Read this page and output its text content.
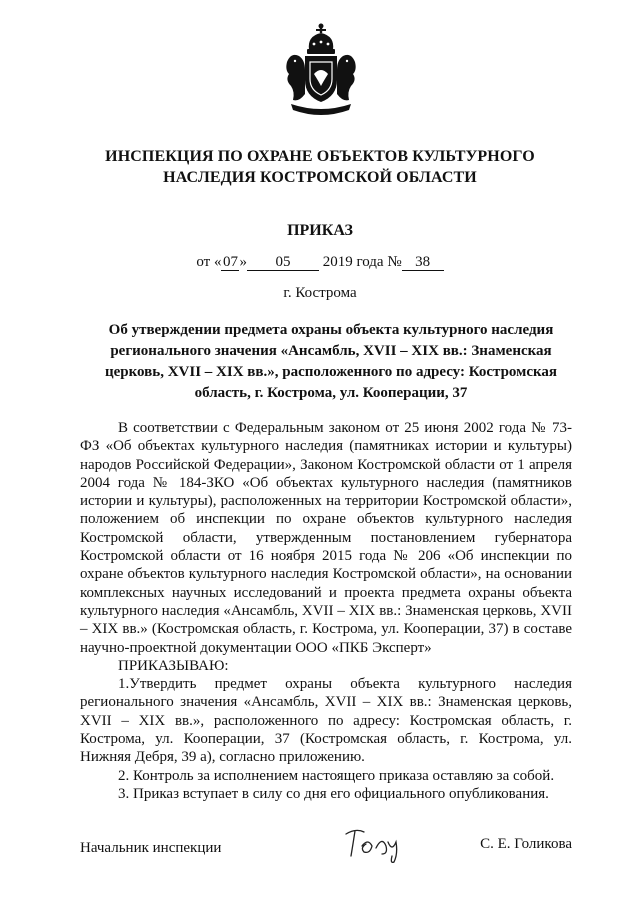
ИНСПЕКЦИЯ ПО ОХРАНЕ ОБЪЕКТОВ КУЛЬТУРНОГО НАСЛЕДИЯ КОСТРОМСКОЙ ОБЛАСТИ
ПРИКАЗ
от « 07 » 05 2019 года № 38
г. Кострома
Об утверждении предмета охраны объекта культурного наследия регионального значения «Ансамбль, XVII – XIX вв.: Знаменская церковь, XVII – XIX вв.», расположенного по адресу: Костромская область, г. Кострома, ул. Кооперации, 37

В соответствии с Федеральным законом от 25 июня 2002 года № 73-ФЗ «Об объектах культурного наследия (памятниках истории и культуры) народов Российской Федерации», Законом Костромской области от 1 апреля 2004 года № 184-ЗКО «Об объектах культурного наследия (памятников истории и культуры), расположенных на территории Костромской области», положением об инспекции по охране объектов культурного наследия Костромской области, утвержденным постановлением губернатора Костромской области от 16 ноября 2015 года № 206 «Об инспекции по охране объектов культурного наследия Костромской области», на основании комплексных научных исследований и проекта предмета охраны объекта культурного наследия «Ансамбль, XVII – XIX вв.: Знаменская церковь, XVII – XIX вв.» (Костромская область, г. Кострома, ул. Кооперации, 37) в составе научно-проектной документации ООО «ПКБ Эксперт»

ПРИКАЗЫВАЮ:

1.Утвердить предмет охраны объекта культурного наследия регионального значения «Ансамбль, XVII – XIX вв.: Знаменская церковь, XVII – XIX вв.», расположенного по адресу: Костромская область, г. Кострома, ул. Кооперации, 37 (Костромская область, г. Кострома, ул. Нижняя Дебря, 39 а), согласно приложению.

2. Контроль за исполнением настоящего приказа оставляю за собой.

3. Приказ вступает в силу со дня его официального опубликования.

Начальник инспекции	С. Е. Голикова
